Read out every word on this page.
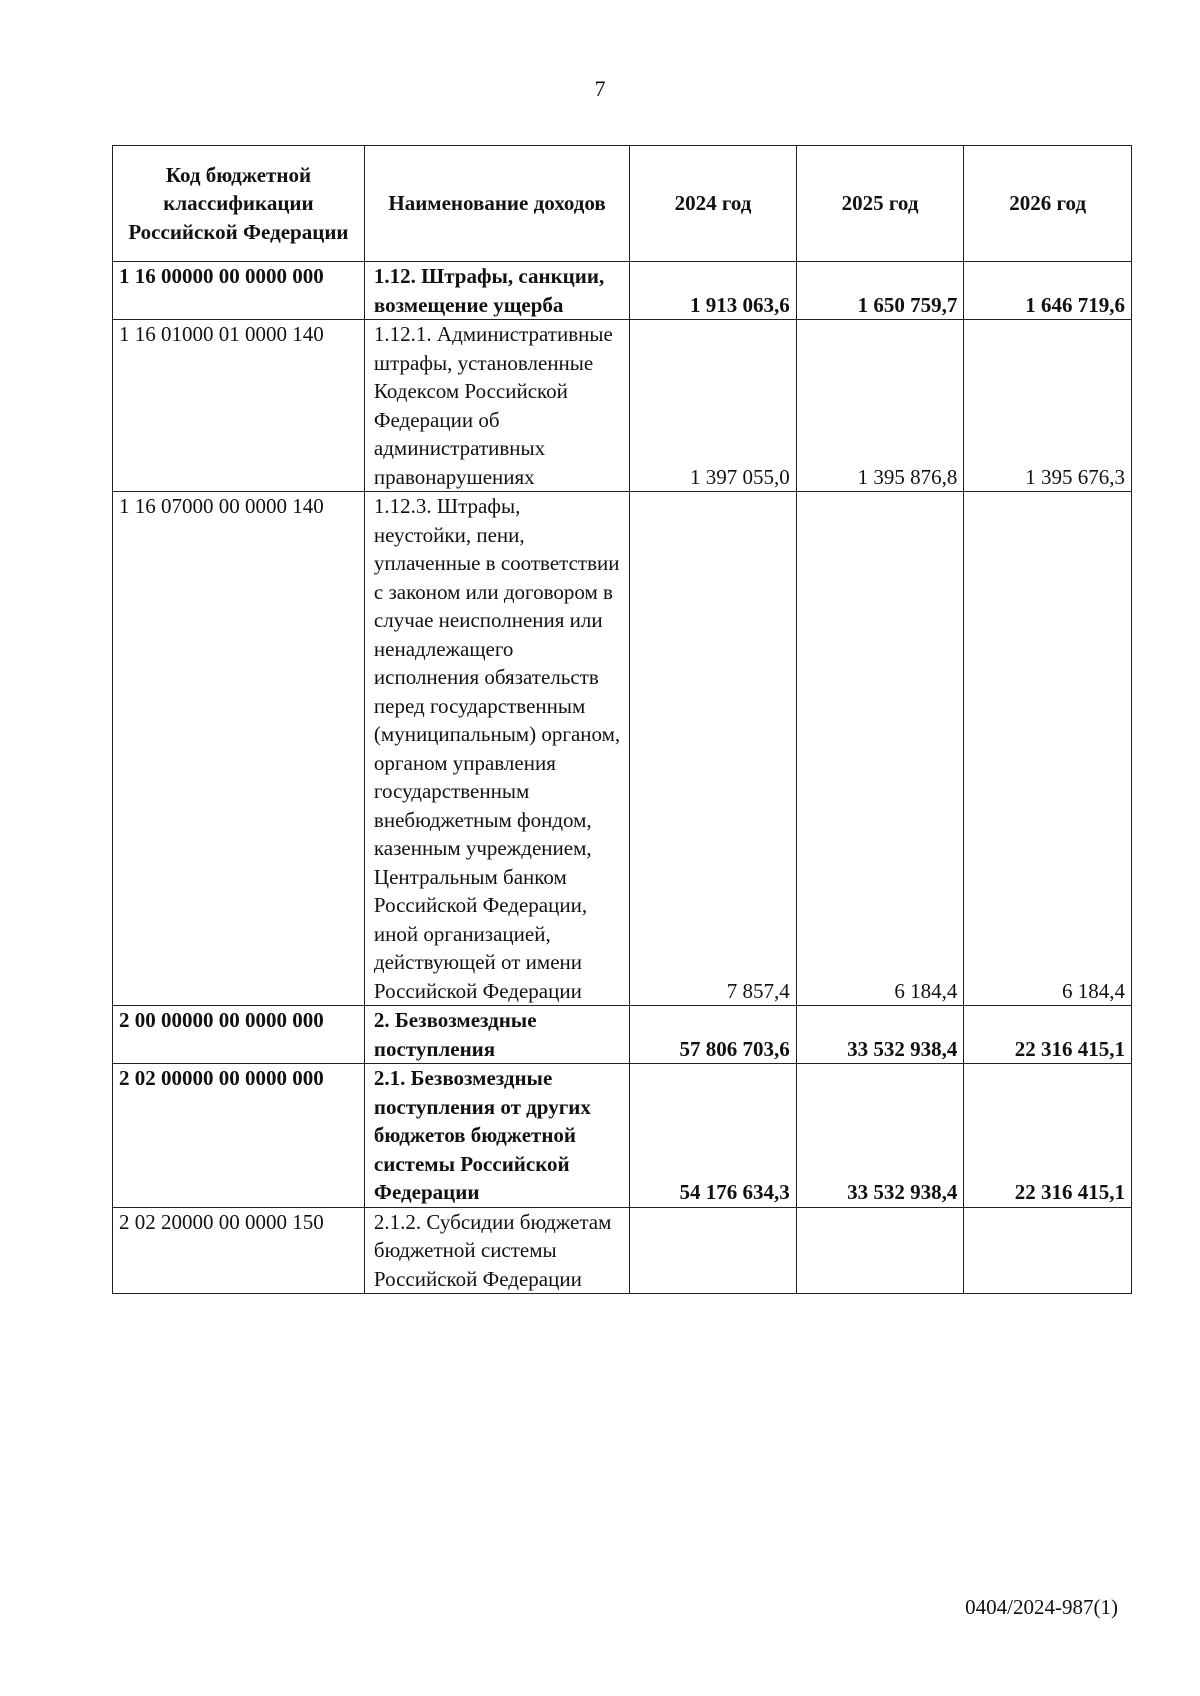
7
Код бюджетной классификации Российской Федерации	Наименование доходов	2024 год	2025 год	2026 год
1 16 00000 00 0000 000	1.12. Штрафы, санкции, возмещение ущерба	1 913 063,6	1 650 759,7	1 646 719,6
1 16 01000 01 0000 140	1.12.1. Административные штрафы, установленные Кодексом Российской Федерации об административных правонарушениях	1 397 055,0	1 395 876,8	1 395 676,3
1 16 07000 00 0000 140	1.12.3. Штрафы, неустойки, пени, уплаченные в соответствии с законом или договором в случае неисполнения или ненадлежащего исполнения обязательств перед государственным (муниципальным) органом, органом управления государственным внебюджетным фондом, казенным учреждением, Центральным банком Российской Федерации, иной организацией, действующей от имени Российской Федерации	7 857,4	6 184,4	6 184,4
2 00 00000 00 0000 000	2. Безвозмездные поступления	57 806 703,6	33 532 938,4	22 316 415,1
2 02 00000 00 0000 000	2.1. Безвозмездные поступления от других бюджетов бюджетной системы Российской Федерации	54 176 634,3	33 532 938,4	22 316 415,1
2 02 20000 00 0000 150	2.1.2. Субсидии бюджетам бюджетной системы Российской Федерации			
0404/2024-987(1)
